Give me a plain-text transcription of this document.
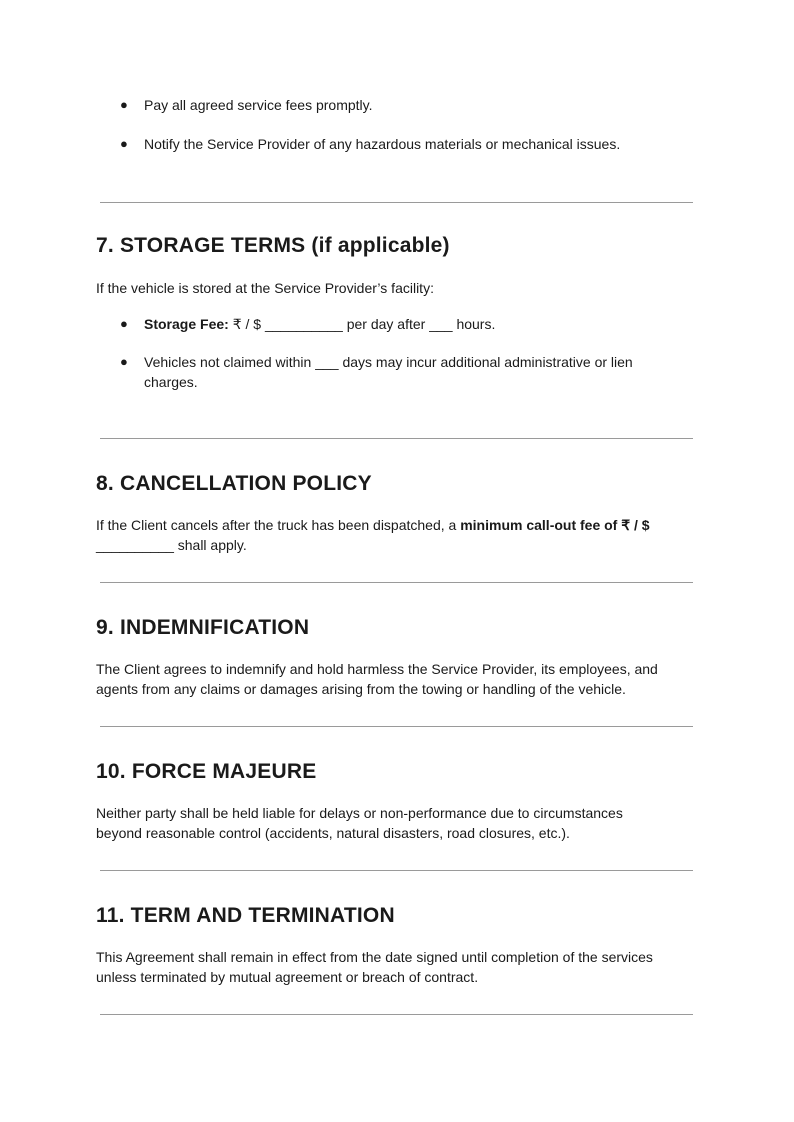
● Pay all agreed service fees promptly.
● Notify the Service Provider of any hazardous materials or mechanical issues.
7. STORAGE TERMS (if applicable)

If the vehicle is stored at the Service Provider’s facility:

● Storage Fee: ₹ / $ __________ per day after ___ hours.
● Vehicles not claimed within ___ days may incur additional administrative or lien
charges.
8. CANCELLATION POLICY

If the Client cancels after the truck has been dispatched, a minimum call-out fee of ₹ / $
__________ shall apply.

9. INDEMNIFICATION

The Client agrees to indemnify and hold harmless the Service Provider, its employees, and
agents from any claims or damages arising from the towing or handling of the vehicle.

10. FORCE MAJEURE

Neither party shall be held liable for delays or non-performance due to circumstances
beyond reasonable control (accidents, natural disasters, road closures, etc.).

11. TERM AND TERMINATION

This Agreement shall remain in effect from the date signed until completion of the services
unless terminated by mutual agreement or breach of contract.
